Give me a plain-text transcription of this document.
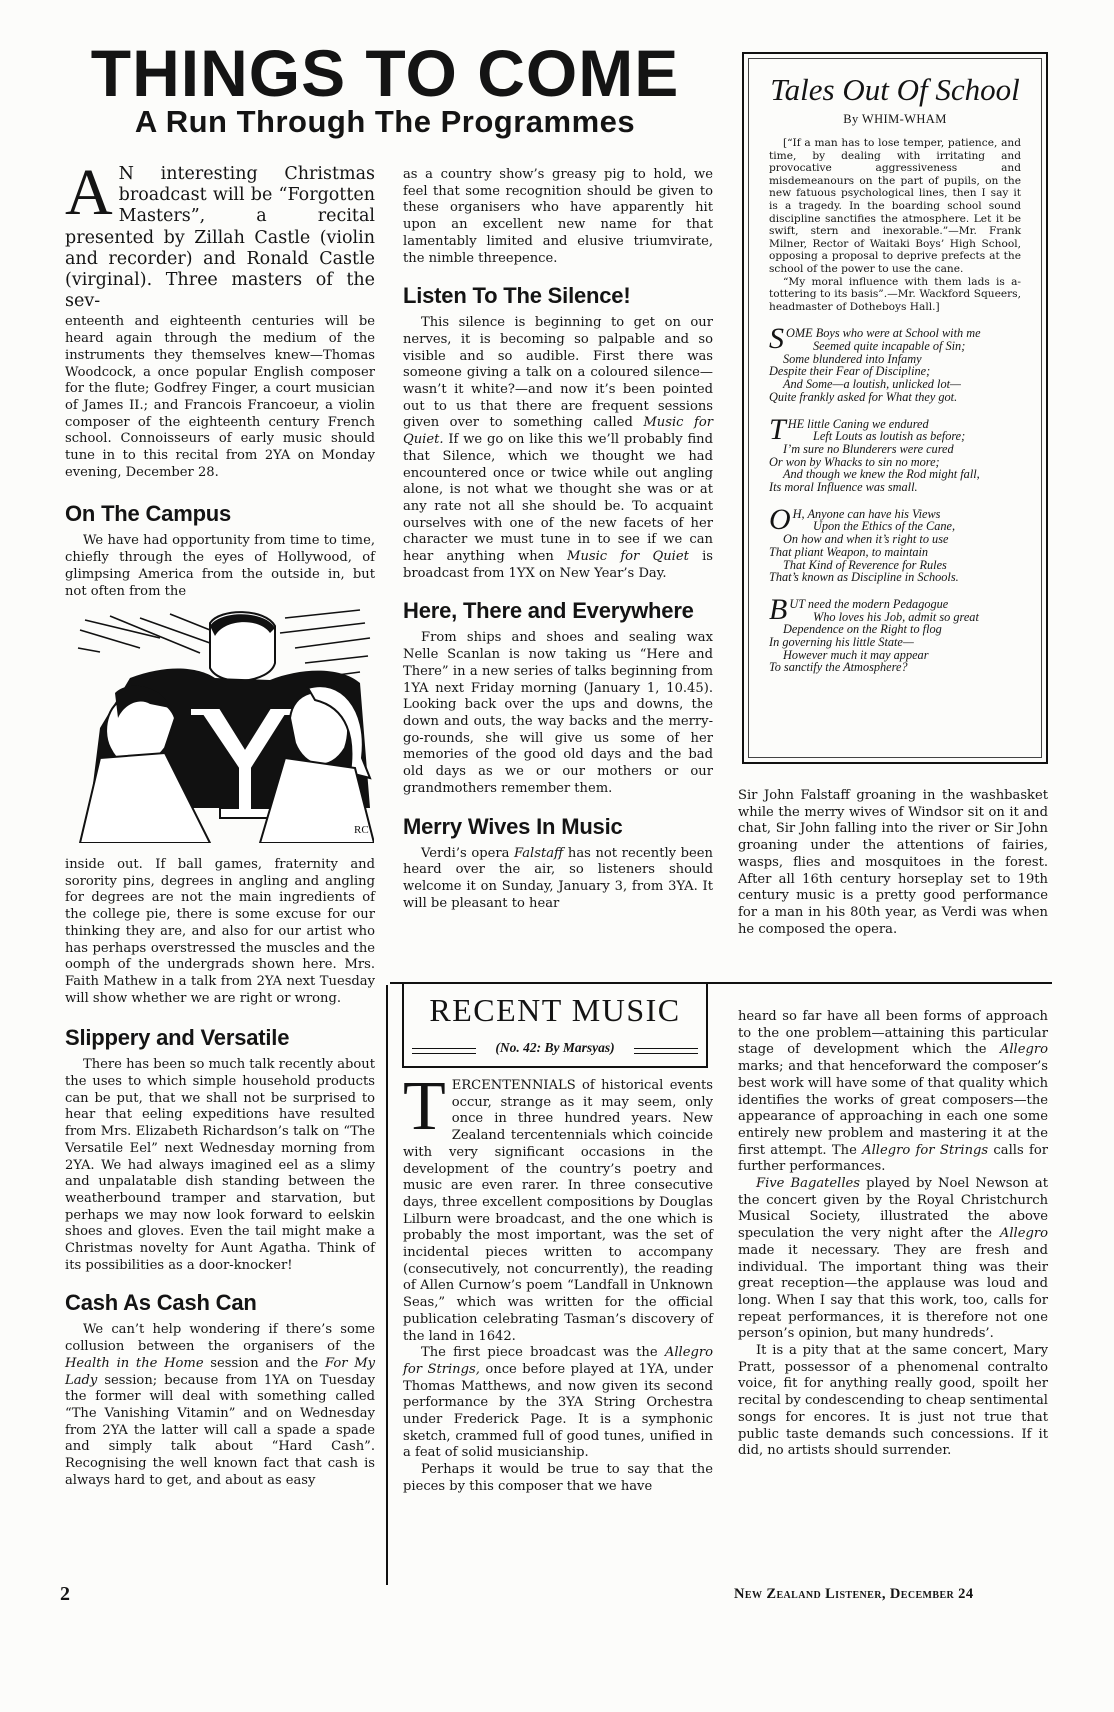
THINGS TO COME
A Run Through The Programmes
A N interesting Christmas broadcast will be “Forgotten Masters”, a recital presented by Zillah Castle (violin and recorder) and Ronald Castle (virginal). Three masters of the sev-

enteenth and eighteenth centuries will be heard again through the medium of the instruments they themselves knew—Thomas Woodcock, a once popular English composer for the flute; Godfrey Finger, a court musician of James II.; and Francois Francoeur, a violin composer of the eighteenth century French school. Connoisseurs of early music should tune in to this recital from 2YA on Monday evening, December 28.

On The Campus

We have had opportunity from time to time, chiefly through the eyes of Hollywood, of glimpsing America from the outside in, but not often from the

RC

inside out. If ball games, fraternity and sorority pins, degrees in angling and angling for degrees are not the main ingredients of the college pie, there is some excuse for our thinking they are, and also for our artist who has perhaps overstressed the muscles and the oomph of the undergrads shown here. Mrs. Faith Mathew in a talk from 2YA next Tuesday will show whether we are right or wrong.

Slippery and Versatile

There has been so much talk recently about the uses to which simple household products can be put, that we shall not be surprised to hear that eeling expeditions have resulted from Mrs. Elizabeth Richardson’s talk on “The Versatile Eel” next Wednesday morning from 2YA. We had always imagined eel as a slimy and unpalatable dish standing between the weatherbound tramper and starvation, but perhaps we may now look forward to eelskin shoes and gloves. Even the tail might make a Christmas novelty for Aunt Agatha. Think of its possibilities as a door-knocker!

Cash As Cash Can

We can’t help wondering if there’s some collusion between the organisers of the Health in the Home session and the For My Lady session; because from 1YA on Tuesday the former will deal with something called “The Vanishing Vitamin” and on Wednesday from 2YA the latter will call a spade a spade and simply talk about “Hard Cash”. Recognising the well known fact that cash is always hard to get, and about as easy

as a country show’s greasy pig to hold, we feel that some recognition should be given to these organisers who have apparently hit upon an excellent new name for that lamentably limited and elusive triumvirate, the nimble threepence.

Listen To The Silence!

This silence is beginning to get on our nerves, it is becoming so palpable and so visible and so audible. First there was someone giving a talk on a coloured silence—wasn’t it white?—and now it’s been pointed out to us that there are frequent sessions given over to something called Music for Quiet. If we go on like this we’ll probably find that Silence, which we thought we had encountered once or twice while out angling alone, is not what we thought she was or at any rate not all she should be. To acquaint ourselves with one of the new facets of her character we must tune in to see if we can hear anything when Music for Quiet is broadcast from 1YX on New Year’s Day.

Here, There and Everywhere

From ships and shoes and sealing wax Nelle Scanlan is now taking us “Here and There” in a new series of talks beginning from 1YA next Friday morning (January 1, 10.45). Looking back over the ups and downs, the down and outs, the way backs and the merry-go-rounds, she will give us some of her memories of the good old days and the bad old days as we or our mothers or our grandmothers remember them.

Merry Wives In Music

Verdi’s opera Falstaff has not recently been heard over the air, so listeners should welcome it on Sunday, January 3, from 3YA. It will be pleasant to hear

Tales Out Of School
By WHIM-WHAM

[“If a man has to lose temper, patience, and time, by dealing with irritating and provocative aggressiveness and misdemeanours on the part of pupils, on the new fatuous psychological lines, then I say it is a tragedy. In the boarding school sound discipline sanctifies the atmosphere. Let it be swift, stern and inexorable.”—Mr. Frank Milner, Rector of Waitaki Boys’ High School, opposing a proposal to deprive prefects at the school of the power to use the cane.

“My moral influence with them lads is a-tottering to its basis”.—Mr. Wackford Squeers, headmaster of Dotheboys Hall.]

SOME Boys who were at School with me
Seemed quite incapable of Sin;
Some blundered into Infamy
Despite their Fear of Discipline;
And Some—a loutish, unlicked lot—
Quite frankly asked for What they got.
THE little Caning we endured
Left Louts as loutish as before;
I’m sure no Blunderers were cured
Or won by Whacks to sin no more;
And though we knew the Rod might fall,
Its moral Influence was small.
O H, Anyone can have his Views
Upon the Ethics of the Cane,
On how and when it’s right to use
That pliant Weapon, to maintain
That Kind of Reverence for Rules
That’s known as Discipline in Schools.
BUT need the modern Pedagogue
Who loves his Job, admit so great
Dependence on the Right to flog
In governing his little State—
However much it may appear
To sanctify the Atmosphere?

Sir John Falstaff groaning in the washbasket while the merry wives of Windsor sit on it and chat, Sir John falling into the river or Sir John groaning under the attentions of fairies, wasps, flies and mosquitoes in the forest. After all 16th century horseplay set to 19th century music is a pretty good performance for a man in his 80th year, as Verdi was when he composed the opera.

RECENT MUSIC
(No. 42: By Marsyas)
T ERCENTENNIALS of historical events occur, strange as it may seem, only once in three hundred years. New Zealand tercentennials which coincide with very significant occasions in the development of the country’s poetry and music are even rarer. In three consecutive days, three excellent compositions by Douglas Lilburn were broadcast, and the one which is probably the most important, was the set of incidental pieces written to accompany (consecutively, not concurrently), the reading of Allen Curnow’s poem “Landfall in Unknown Seas,” which was written for the official publication celebrating Tasman’s discovery of the land in 1642.

The first piece broadcast was the Allegro for Strings, once before played at 1YA, under Thomas Matthews, and now given its second performance by the 3YA String Orchestra under Frederick Page. It is a symphonic sketch, crammed full of good tunes, unified in a feat of solid musicianship.

Perhaps it would be true to say that the pieces by this composer that we have

heard so far have all been forms of approach to the one problem—attaining this particular stage of development which the Allegro marks; and that henceforward the composer’s best work will have some of that quality which identifies the works of great composers—the appearance of approaching in each one some entirely new problem and mastering it at the first attempt. The Allegro for Strings calls for further performances.

Five Bagatelles played by Noel Newson at the concert given by the Royal Christchurch Musical Society, illustrated the above speculation the very night after the Allegro made it necessary. They are fresh and individual. The important thing was their great reception—the applause was loud and long. When I say that this work, too, calls for repeat performances, it is therefore not one person’s opinion, but many hundreds’.

It is a pity that at the same concert, Mary Pratt, possessor of a phenomenal contralto voice, fit for anything really good, spoilt her recital by condescending to cheap sentimental songs for encores. It is just not true that public taste demands such concessions. If it did, no artists should surrender.

2	New Zealand Listener, December 24
